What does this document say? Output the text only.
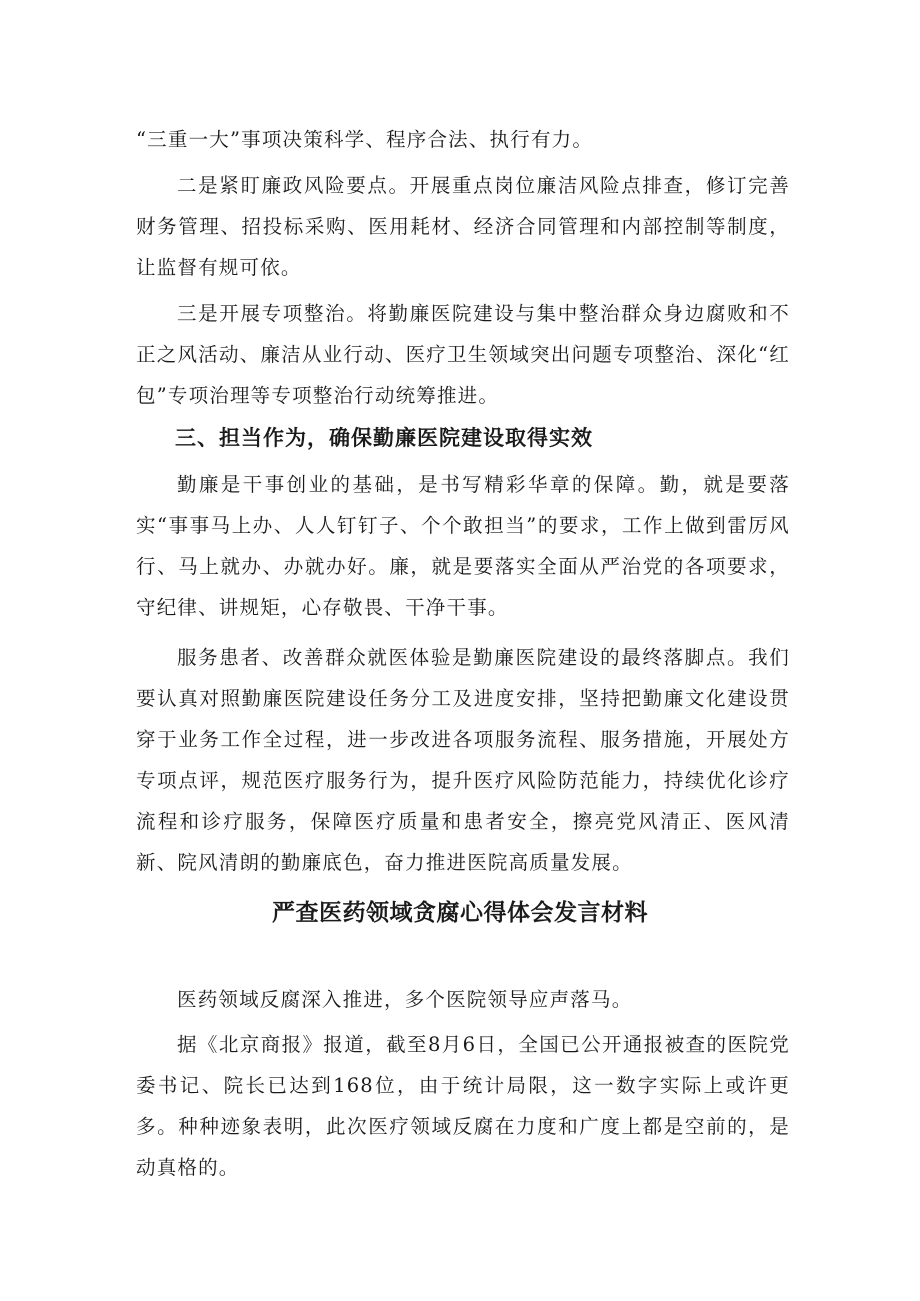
“三重一大”事项决策科学、程序合法、执行有力。

二是紧盯廉政风险要点。开展重点岗位廉洁风险点排查，修订完善财务管理、招投标采购、医用耗材、经济合同管理和内部控制等制度，让监督有规可依。

三是开展专项整治。将勤廉医院建设与集中整治群众身边腐败和不正之风活动、廉洁从业行动、医疗卫生领域突出问题专项整治、深化“红包”专项治理等专项整治行动统筹推进。

三、担当作为，确保勤廉医院建设取得实效

勤廉是干事创业的基础，是书写精彩华章的保障。勤，就是要落实“事事马上办、人人钉钉子、个个敢担当”的要求，工作上做到雷厉风行、马上就办、办就办好。廉，就是要落实全面从严治党的各项要求，守纪律、讲规矩，心存敬畏、干净干事。

服务患者、改善群众就医体验是勤廉医院建设的最终落脚点。我们要认真对照勤廉医院建设任务分工及进度安排，坚持把勤廉文化建设贯穿于业务工作全过程，进一步改进各项服务流程、服务措施，开展处方专项点评，规范医疗服务行为，提升医疗风险防范能力，持续优化诊疗流程和诊疗服务，保障医疗质量和患者安全，擦亮党风清正、医风清新、院风清朗的勤廉底色，奋力推进医院高质量发展。

严查医药领域贪腐心得体会发言材料

医药领域反腐深入推进，多个医院领导应声落马。

据《北京商报》报道，截至8月6日，全国已公开通报被查的医院党委书记、院长已达到168位，由于统计局限，这一数字实际上或许更多。种种迹象表明，此次医疗领域反腐在力度和广度上都是空前的，是动真格的。
